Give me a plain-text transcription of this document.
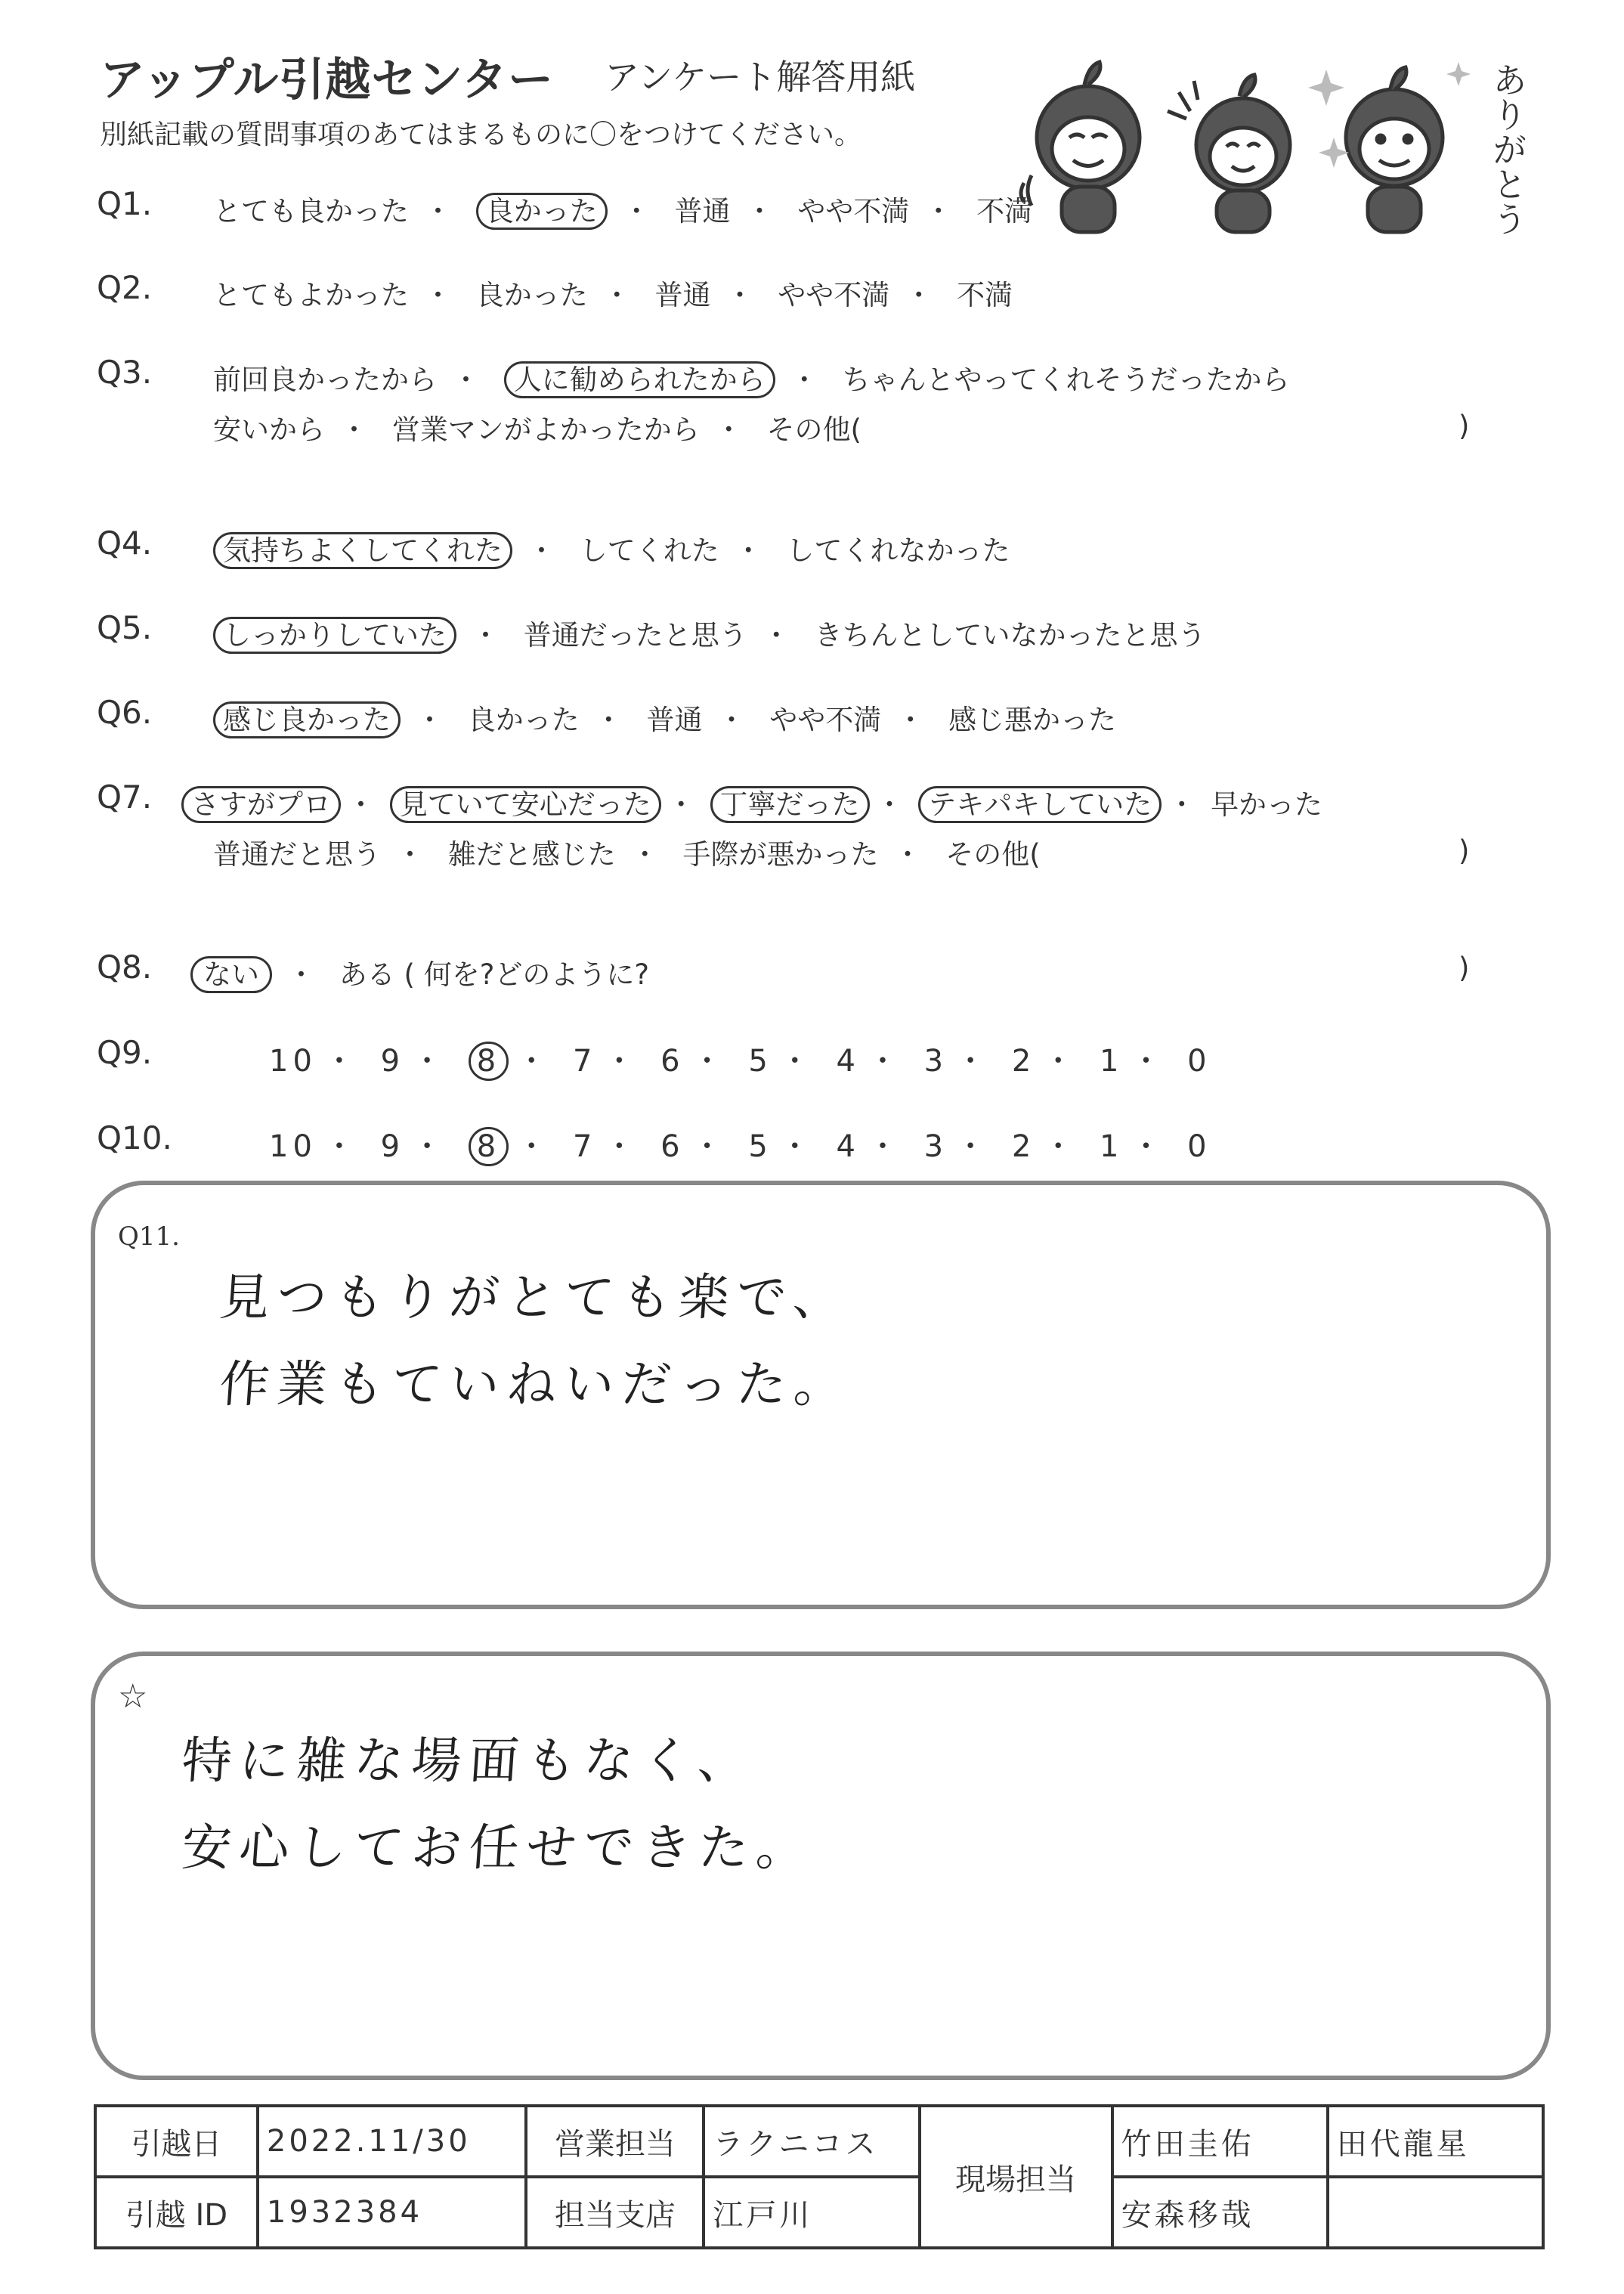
アップル引越センター アンケート解答用紙
別紙記載の質問事項のあてはまるものに〇をつけてください。	ありがとう
Q1. とても良かった ・ 良かった ・ 普通 ・ やや不満 ・ 不満
Q2. とてもよかった ・ 良かった ・ 普通 ・ やや不満 ・ 不満
Q3. 前回良かったから ・ 人に勧められたから ・ ちゃんとやってくれそうだったから
安いから ・ 営業マンがよかったから ・ その他(	)
Q4.	気持ちよくしてくれた ・ してくれた ・ してくれなかった
Q5.	しっかりしていた ・ 普通だったと思う ・ きちんとしていなかったと思う
Q6.	感じ良かった ・ 良かった ・ 普通 ・ やや不満 ・ 感じ悪かった
Q7.	さすがプロ ・ 見ていて安心だった ・ 丁寧だった ・ テキパキしていた ・ 早かった
普通だと思う ・ 雑だと感じた ・ 手際が悪かった ・ その他(	)
Q8.	ない ・ ある ( 何を?どのように?	)
Q9.	10 ・ 9 ・ 8 ・ 7 ・ 6 ・ 5 ・ 4 ・ 3 ・ 2 ・ 1 ・ 0
Q10.	10 ・ 9 ・ 8 ・ 7 ・ 6 ・ 5 ・ 4 ・ 3 ・ 2 ・ 1 ・ 0
Q11.
見つもりがとても楽で、
作業もていねいだった。
☆
特に雑な場面もなく、
安心してお任せできた。
引越日	2022.11/30	営業担当	ラクニコス	現場担当	竹田圭佑	田代龍星
引越 ID	1932384	担当支店	江戸川		安森移哉	
